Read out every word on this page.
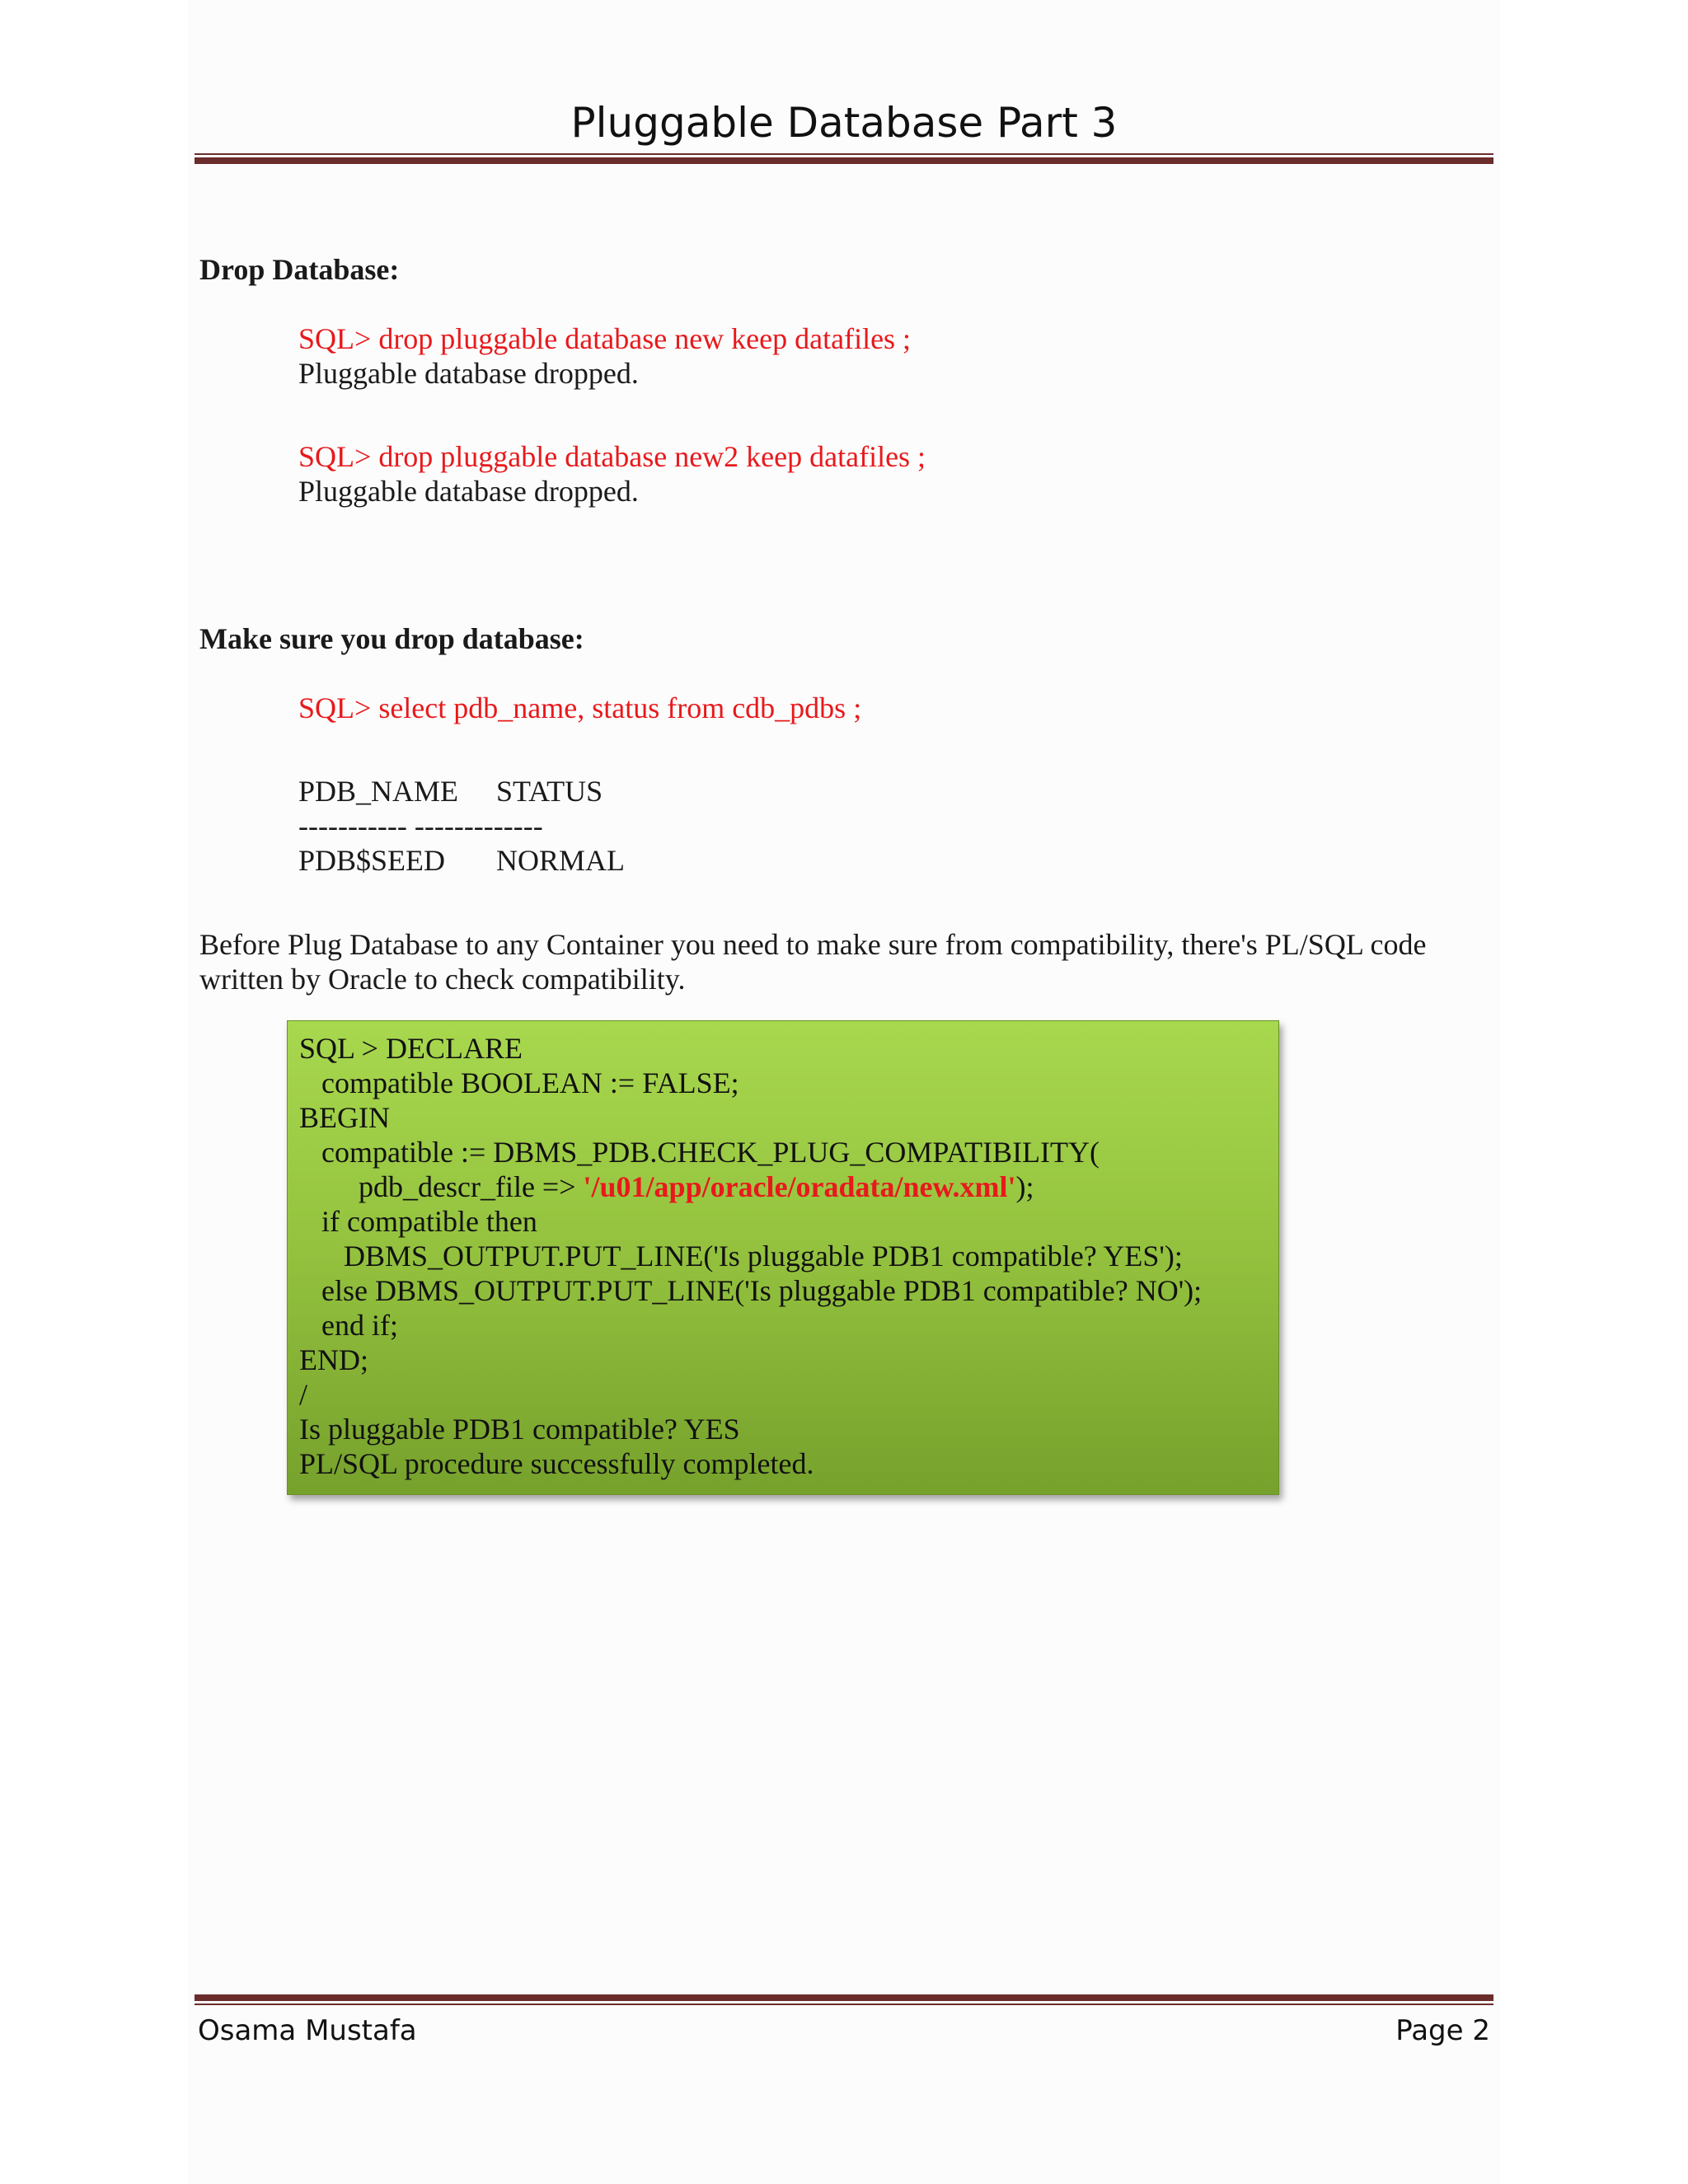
Pluggable Database Part 3
Drop Database:
SQL> drop pluggable database new keep datafiles ;
Pluggable database dropped.
SQL> drop pluggable database new2 keep datafiles ;
Pluggable database dropped.
Make sure you drop database:
SQL> select pdb_name, status from cdb_pdbs ;
PDB_NAME STATUS
----------- -------------
PDB$SEED NORMAL
Before Plug Database to any Container you need to make sure from compatibility, there's PL/SQL code written by Oracle to check compatibility.
SQL > DECLARE
compatible BOOLEAN := FALSE;
BEGIN
compatible := DBMS_PDB.CHECK_PLUG_COMPATIBILITY(
pdb_descr_file => '/u01/app/oracle/oradata/new.xml');
if compatible then
DBMS_OUTPUT.PUT_LINE('Is pluggable PDB1 compatible? YES');
else DBMS_OUTPUT.PUT_LINE('Is pluggable PDB1 compatible? NO');
end if;
END;
/
Is pluggable PDB1 compatible? YES
PL/SQL procedure successfully completed.
Osama Mustafa	Page 2
